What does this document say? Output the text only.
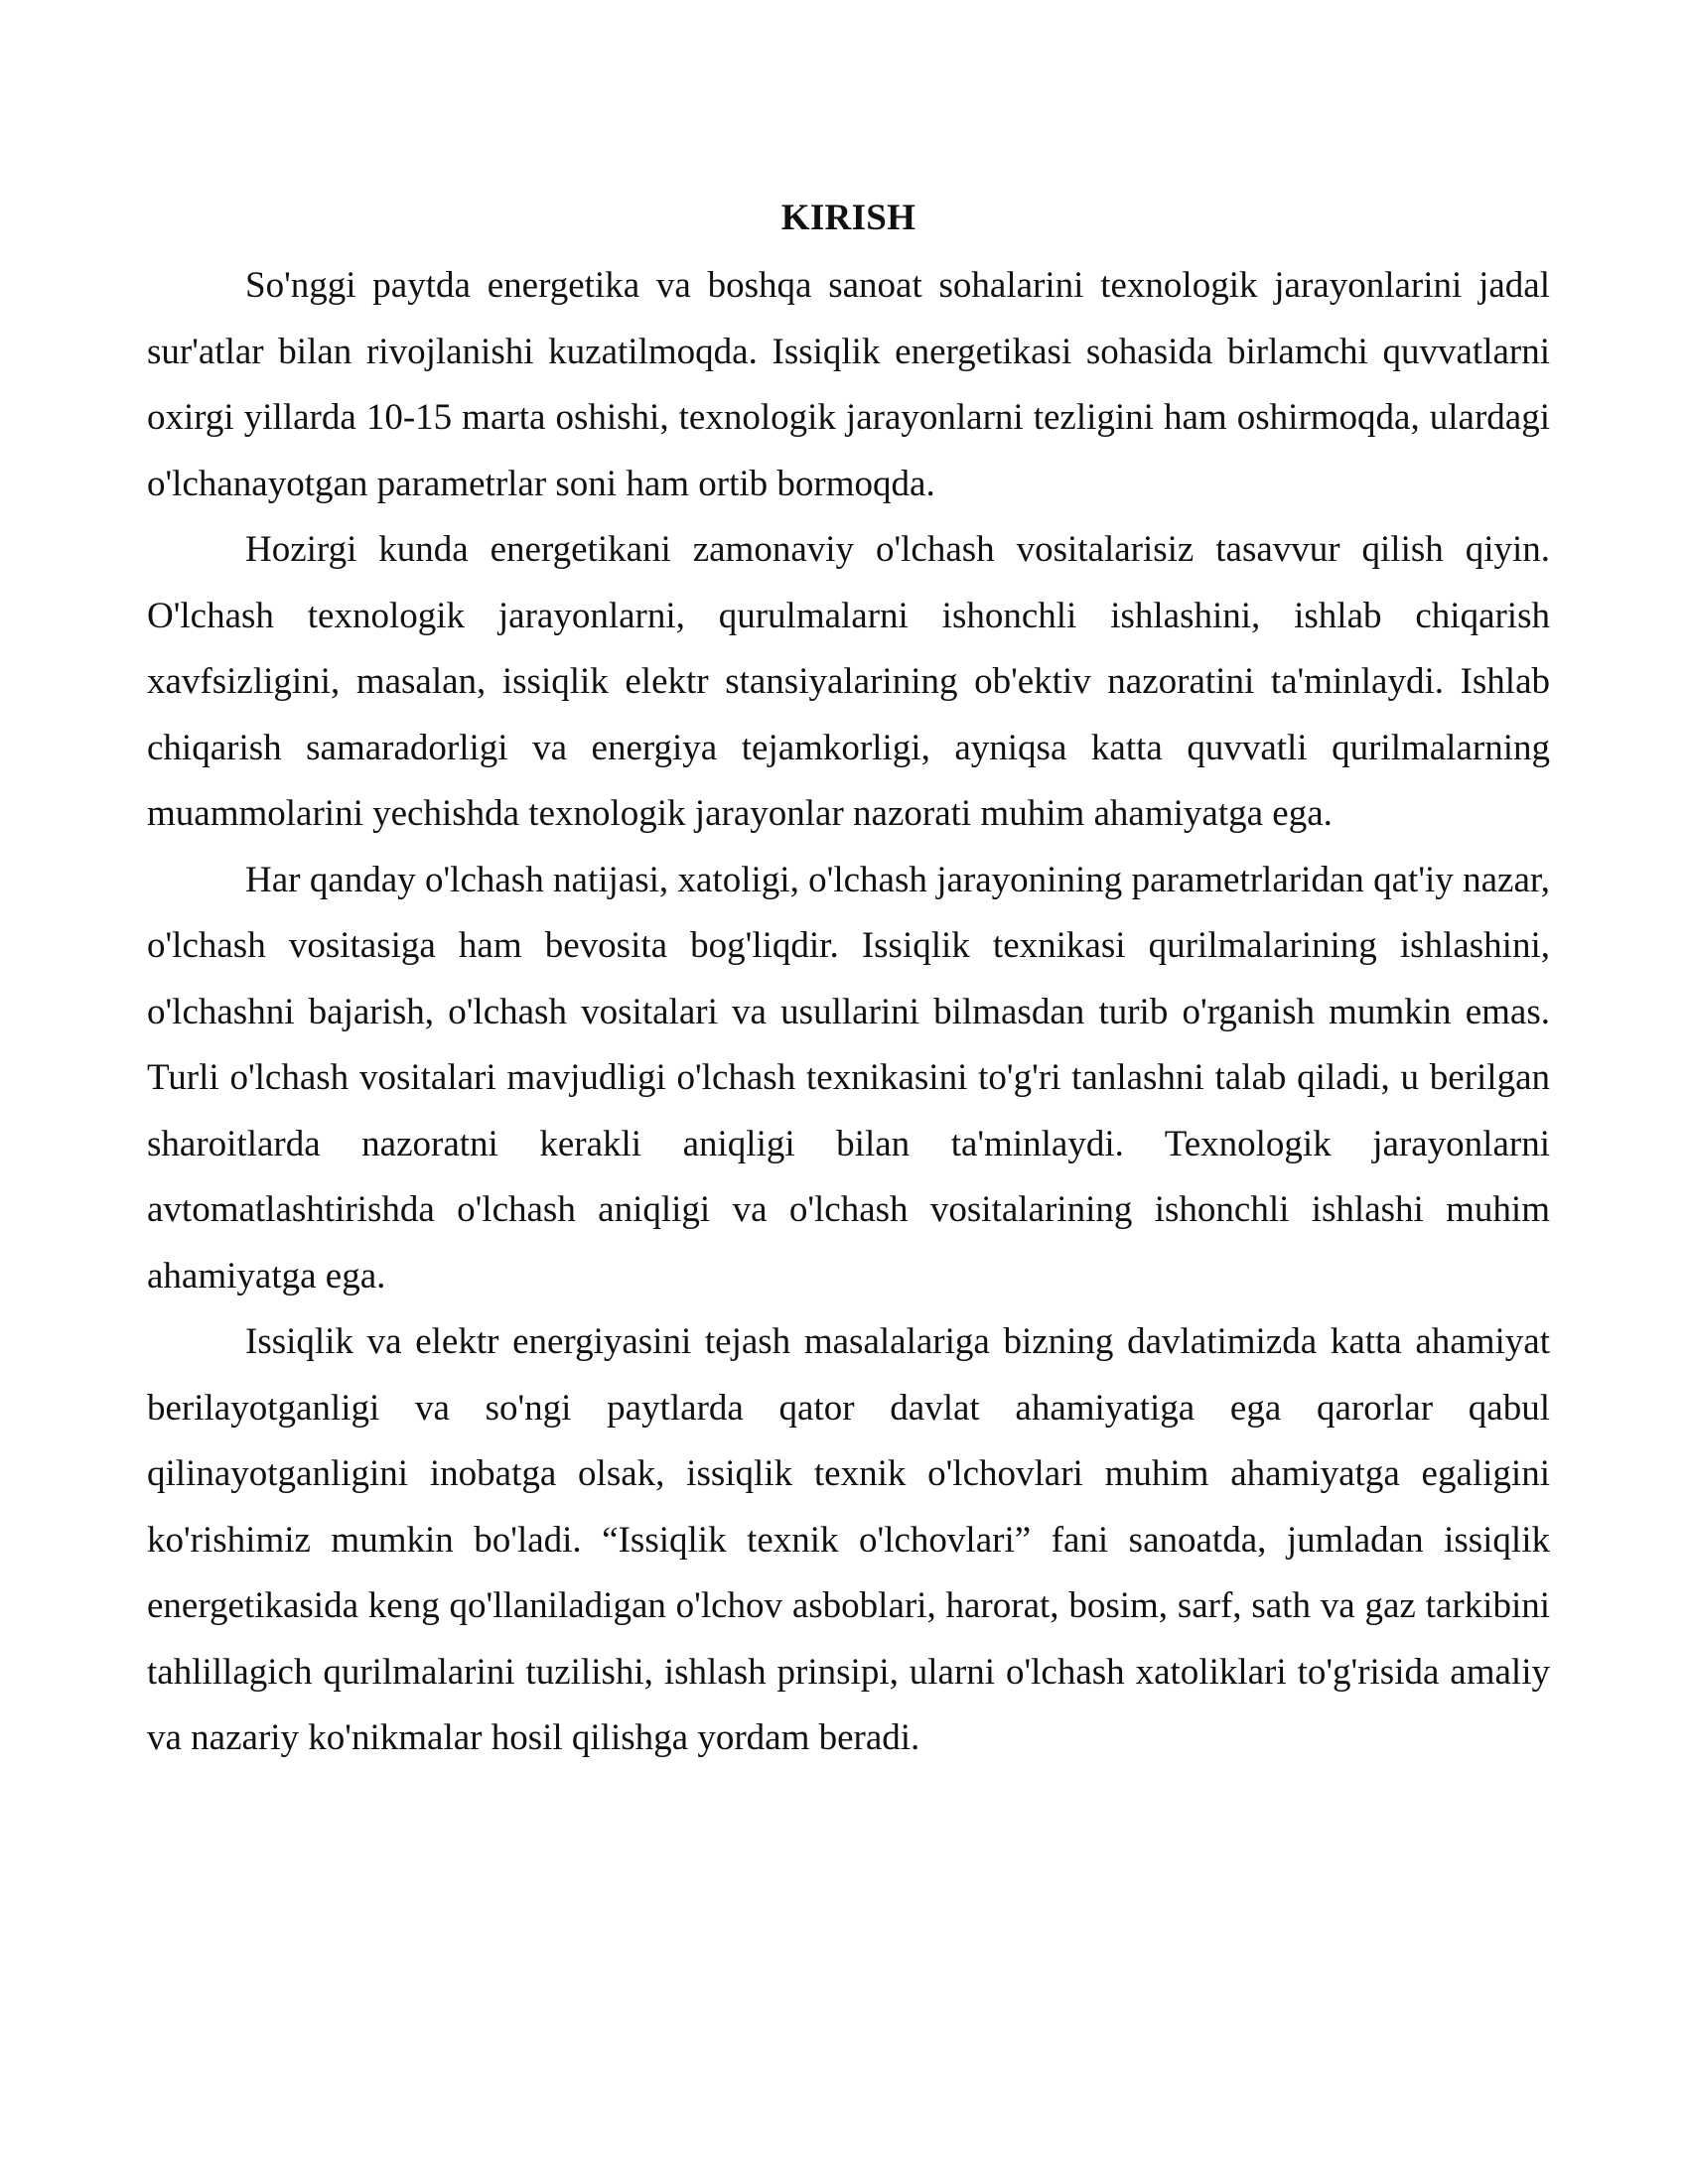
KIRISH

So'nggi paytda energetika va boshqa sanoat sohalarini texnologik jarayonlarini jadal sur'atlar bilan rivojlanishi kuzatilmoqda. Issiqlik energetikasi sohasida birlamchi quvvatlarni oxirgi yillarda 10-15 marta oshishi, texnologik jarayonlarni tezligini ham oshirmoqda, ulardagi o'lchanayotgan parametrlar soni ham ortib bormoqda.

Hozirgi kunda energetikani zamonaviy o'lchash vositalarisiz tasavvur qilish qiyin. O'lchash texnologik jarayonlarni, qurulmalarni ishonchli ishlashini, ishlab chiqarish xavfsizligini, masalan, issiqlik elektr stansiyalarining ob'ektiv nazoratini ta'minlaydi. Ishlab chiqarish samaradorligi va energiya tejamkorligi, ayniqsa katta quvvatli qurilmalarning muammolarini yechishda texnologik jarayonlar nazorati muhim ahamiyatga ega.

Har qanday o'lchash natijasi, xatoligi, o'lchash jarayonining parametrlaridan qat'iy nazar, o'lchash vositasiga ham bevosita bog'liqdir. Issiqlik texnikasi qurilmalarining ishlashini, o'lchashni bajarish, o'lchash vositalari va usullarini bilmasdan turib o'rganish mumkin emas. Turli o'lchash vositalari mavjudligi o'lchash texnikasini to'g'ri tanlashni talab qiladi, u berilgan sharoitlarda nazoratni kerakli aniqligi bilan ta'minlaydi. Texnologik jarayonlarni avtomatlashtirishda o'lchash aniqligi va o'lchash vositalarining ishonchli ishlashi muhim ahamiyatga ega.

Issiqlik va elektr energiyasini tejash masalalariga bizning davlatimizda katta ahamiyat berilayotganligi va so'ngi paytlarda qator davlat ahamiyatiga ega qarorlar qabul qilinayotganligini inobatga olsak, issiqlik texnik o'lchovlari muhim ahamiyatga egaligini ko'rishimiz mumkin bo'ladi. “Issiqlik texnik o'lchovlari” fani sanoatda, jumladan issiqlik energetikasida keng qo'llaniladigan o'lchov asboblari, harorat, bosim, sarf, sath va gaz tarkibini tahlillagich qurilmalarini tuzilishi, ishlash prinsipi, ularni o'lchash xatoliklari to'g'risida amaliy va nazariy ko'nikmalar hosil qilishga yordam beradi.
